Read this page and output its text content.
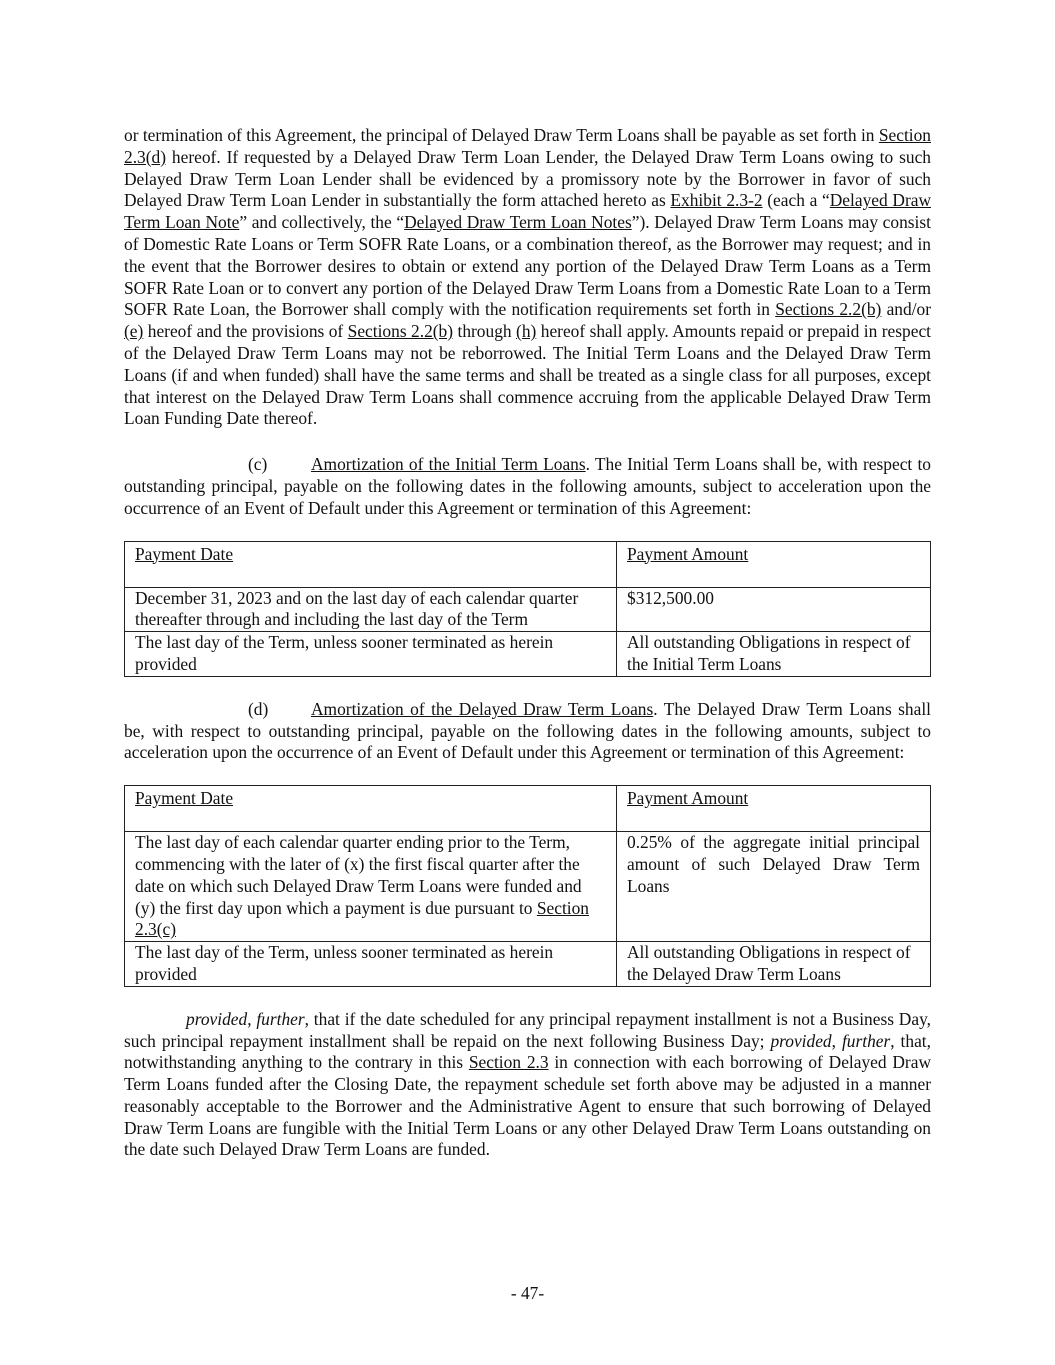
or termination of this Agreement, the principal of Delayed Draw Term Loans shall be payable as set forth in Section 2.3(d) hereof. If requested by a Delayed Draw Term Loan Lender, the Delayed Draw Term Loans owing to such Delayed Draw Term Loan Lender shall be evidenced by a promissory note by the Borrower in favor of such Delayed Draw Term Loan Lender in substantially the form attached hereto as Exhibit 2.3-2 (each a “Delayed Draw Term Loan Note” and collectively, the “Delayed Draw Term Loan Notes”). Delayed Draw Term Loans may consist of Domestic Rate Loans or Term SOFR Rate Loans, or a combination thereof, as the Borrower may request; and in the event that the Borrower desires to obtain or extend any portion of the Delayed Draw Term Loans as a Term SOFR Rate Loan or to convert any portion of the Delayed Draw Term Loans from a Domestic Rate Loan to a Term SOFR Rate Loan, the Borrower shall comply with the notification requirements set forth in Sections 2.2(b) and/or (e) hereof and the provisions of Sections 2.2(b) through (h) hereof shall apply. Amounts repaid or prepaid in respect of the Delayed Draw Term Loans may not be reborrowed. The Initial Term Loans and the Delayed Draw Term Loans (if and when funded) shall have the same terms and shall be treated as a single class for all purposes, except that interest on the Delayed Draw Term Loans shall commence accruing from the applicable Delayed Draw Term Loan Funding Date thereof.

(c)	Amortization of the Initial Term Loans. The Initial Term Loans shall be, with respect to outstanding principal, payable on the following dates in the following amounts, subject to acceleration upon the occurrence of an Event of Default under this Agreement or termination of this Agreement:

Payment Date	Payment Amount
December 31, 2023 and on the last day of each calendar quarter thereafter through and including the last day of the Term	$312,500.00
The last day of the Term, unless sooner terminated as herein provided	All outstanding Obligations in respect of the Initial Term Loans

(d) Amortization of the Delayed Draw Term Loans. The Delayed Draw Term Loans shall be, with respect to outstanding principal, payable on the following dates in the following amounts, subject to acceleration upon the occurrence of an Event of Default under this Agreement or termination of this Agreement:

Payment Date	Payment Amount
The last day of each calendar quarter ending prior to the Term, commencing with the later of (x) the first fiscal quarter after the date on which such Delayed Draw Term Loans were funded and (y) the first day upon which a payment is due pursuant to Section 2.3(c)	0.25% of the aggregate initial principal amount of such Delayed Draw Term Loans
The last day of the Term, unless sooner terminated as herein provided	All outstanding Obligations in respect of the Delayed Draw Term Loans

provided, further, that if the date scheduled for any principal repayment installment is not a Business Day, such principal repayment installment shall be repaid on the next following Business Day; provided, further, that, notwithstanding anything to the contrary in this Section 2.3 in connection with each borrowing of Delayed Draw Term Loans funded after the Closing Date, the repayment schedule set forth above may be adjusted in a manner reasonably acceptable to the Borrower and the Administrative Agent to ensure that such borrowing of Delayed Draw Term Loans are fungible with the Initial Term Loans or any other Delayed Draw Term Loans outstanding on the date such Delayed Draw Term Loans are funded.

- 47-
